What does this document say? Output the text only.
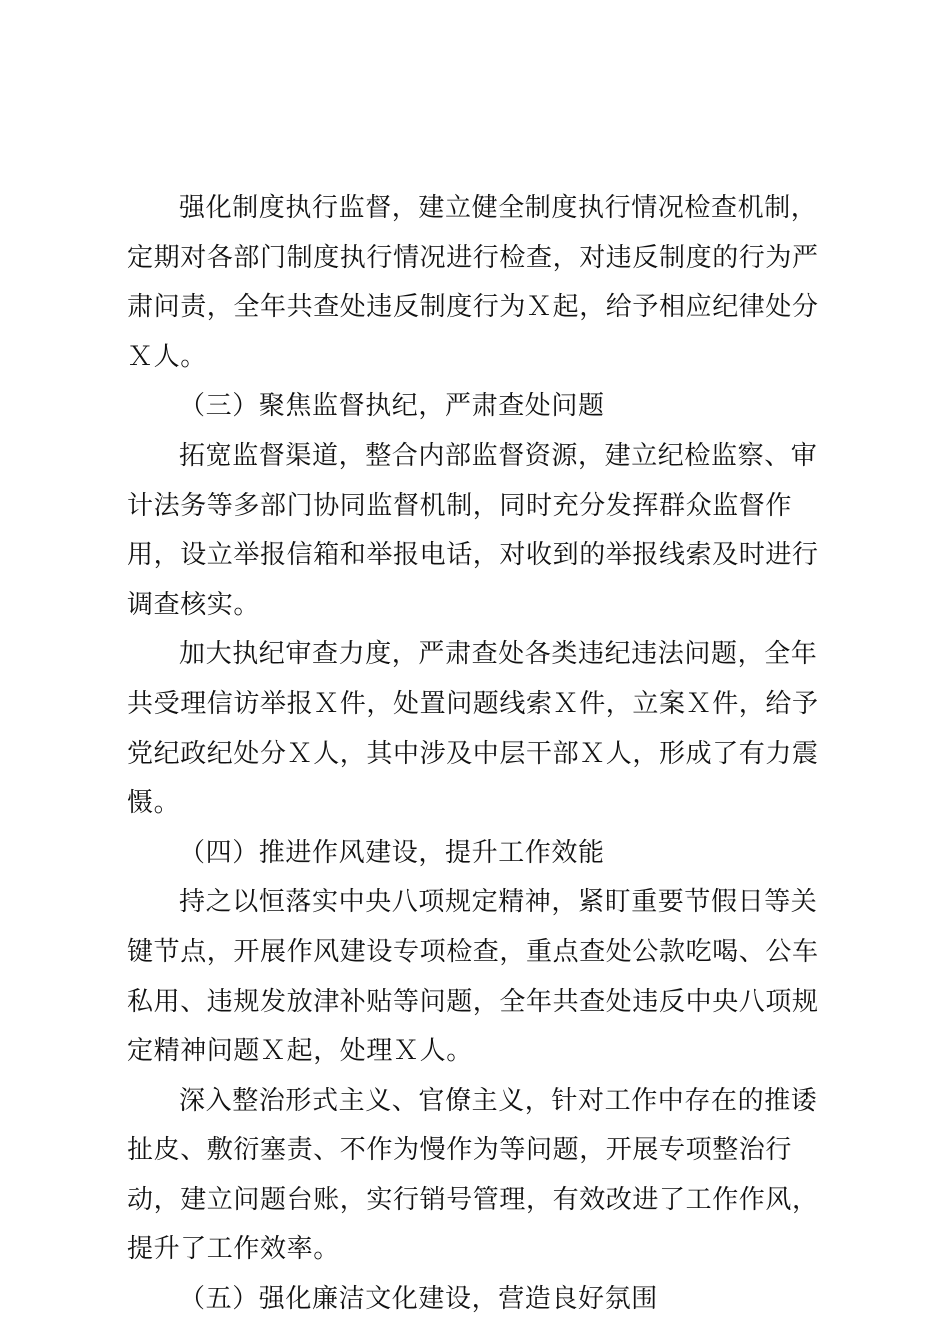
强化制度执行监督，建立健全制度执行情况检查机制，定期对各部门制度执行情况进行检查，对违反制度的行为严肃问责，全年共查处违反制度行为Ｘ起，给予相应纪律处分Ｘ人。

（三）聚焦监督执纪，严肃查处问题

拓宽监督渠道，整合内部监督资源，建立纪检监察、审计法务等多部门协同监督机制，同时充分发挥群众监督作用，设立举报信箱和举报电话，对收到的举报线索及时进行调查核实。

加大执纪审查力度，严肃查处各类违纪违法问题，全年共受理信访举报Ｘ件，处置问题线索Ｘ件，立案Ｘ件，给予党纪政纪处分Ｘ人，其中涉及中层干部Ｘ人，形成了有力震慑。

（四）推进作风建设，提升工作效能

持之以恒落实中央八项规定精神，紧盯重要节假日等关键节点，开展作风建设专项检查，重点查处公款吃喝、公车私用、违规发放津补贴等问题，全年共查处违反中央八项规定精神问题Ｘ起，处理Ｘ人。

深入整治形式主义、官僚主义，针对工作中存在的推诿扯皮、敷衍塞责、不作为慢作为等问题，开展专项整治行动，建立问题台账，实行销号管理，有效改进了工作作风，提升了工作效率。

（五）强化廉洁文化建设，营造良好氛围
